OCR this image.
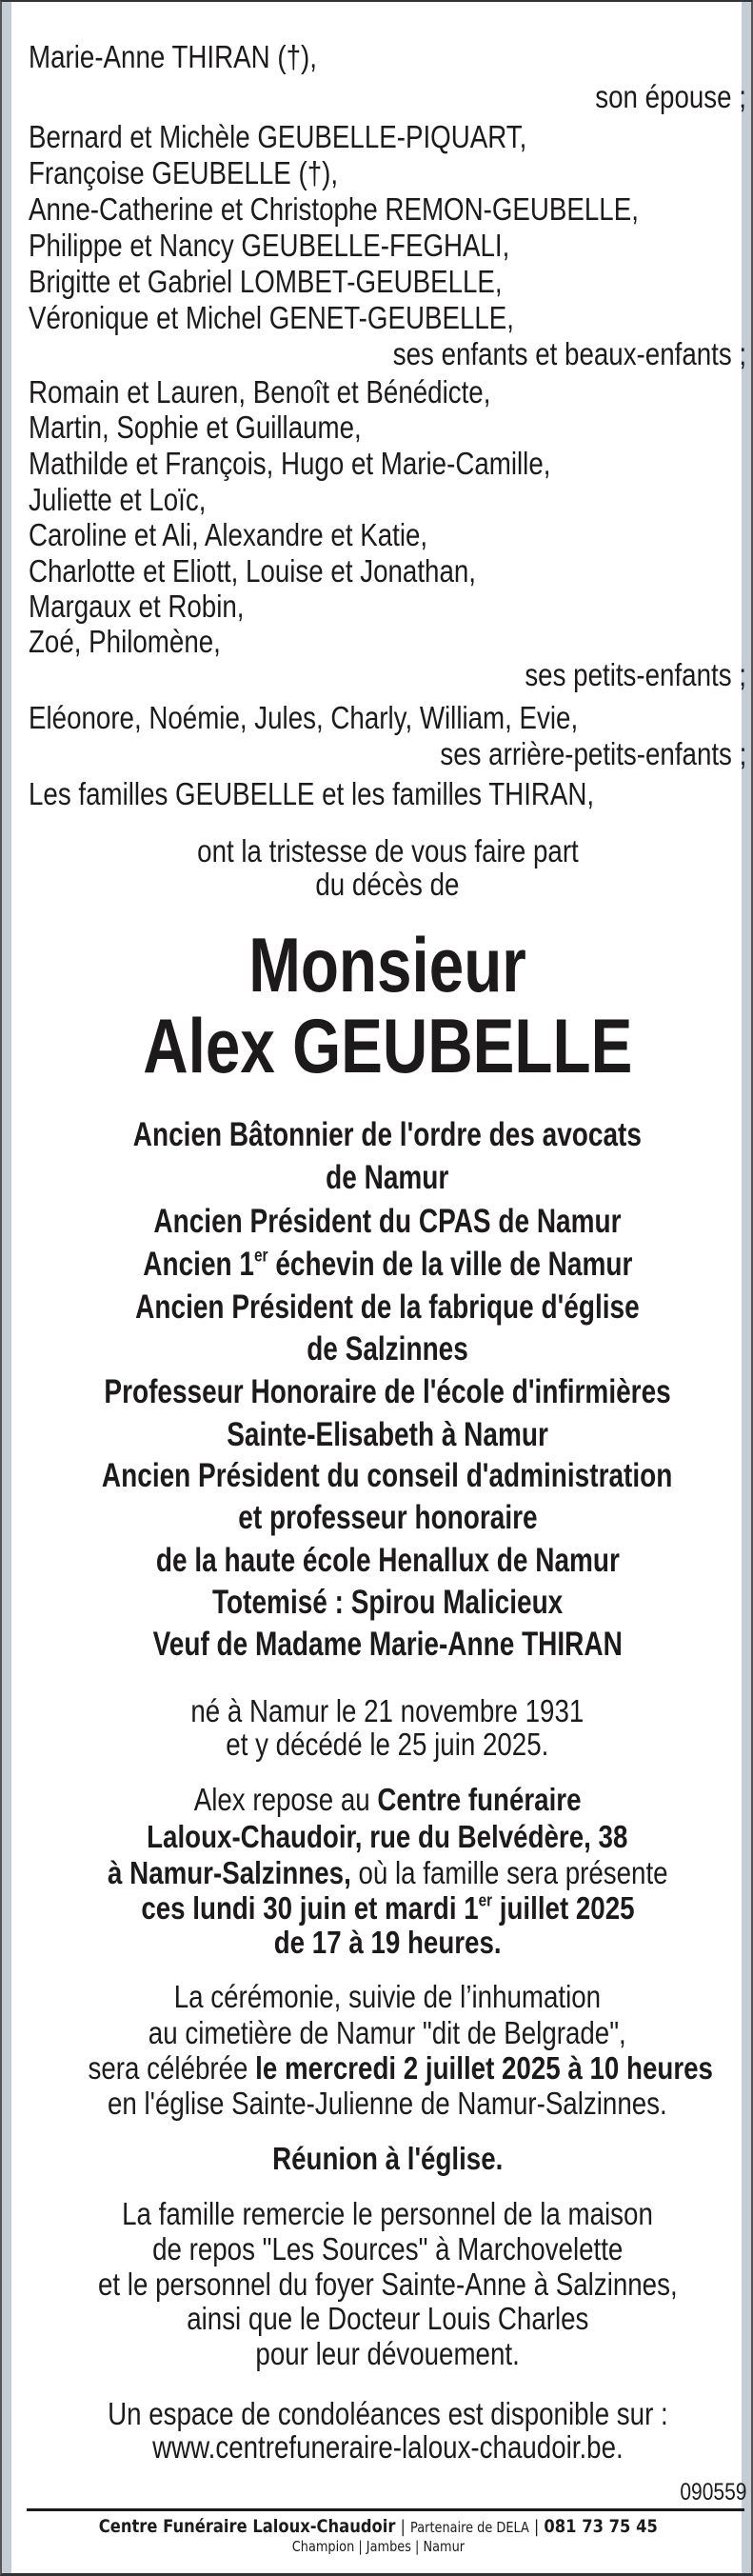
Marie-Anne THIRAN (†),
son épouse ;
Bernard et Michèle GEUBELLE-PIQUART,
Françoise GEUBELLE (†),
Anne-Catherine et Christophe REMON-GEUBELLE,
Philippe et Nancy GEUBELLE-FEGHALI,
Brigitte et Gabriel LOMBET-GEUBELLE,
Véronique et Michel GENET-GEUBELLE,
ses enfants et beaux-enfants ;
Romain et Lauren, Benoît et Bénédicte,
Martin, Sophie et Guillaume,
Mathilde et François, Hugo et Marie-Camille,
Juliette et Loïc,
Caroline et Ali, Alexandre et Katie,
Charlotte et Eliott, Louise et Jonathan,
Margaux et Robin,
Zoé, Philomène,
ses petits-enfants ;
Eléonore, Noémie, Jules, Charly, William, Evie,
ses arrière-petits-enfants ;
Les familles GEUBELLE et les familles THIRAN,
ont la tristesse de vous faire part
du décès de
Monsieur
Alex GEUBELLE
Ancien Bâtonnier de l'ordre des avocats
de Namur
Ancien Président du CPAS de Namur
Ancien 1er échevin de la ville de Namur
Ancien Président de la fabrique d'église
de Salzinnes
Professeur Honoraire de l'école d'infirmières
Sainte-Elisabeth à Namur
Ancien Président du conseil d'administration
et professeur honoraire
de la haute école Henallux de Namur
Totemisé : Spirou Malicieux
Veuf de Madame Marie-Anne THIRAN
né à Namur le 21 novembre 1931
et y décédé le 25 juin 2025.
Alex repose au Centre funéraire
Laloux-Chaudoir, rue du Belvédère, 38
à Namur-Salzinnes, où la famille sera présente
ces lundi 30 juin et mardi 1er juillet 2025
de 17 à 19 heures.
La cérémonie, suivie de l’inhumation
au cimetière de Namur "dit de Belgrade",
sera célébrée le mercredi 2 juillet 2025 à 10 heures
en l'église Sainte-Julienne de Namur-Salzinnes.
Réunion à l'église.
La famille remercie le personnel de la maison
de repos "Les Sources" à Marchovelette
et le personnel du foyer Sainte-Anne à Salzinnes,
ainsi que le Docteur Louis Charles
pour leur dévouement.
Un espace de condoléances est disponible sur :
www.centrefuneraire-laloux-chaudoir.be.
090559
Centre Funéraire Laloux-Chaudoir | Partenaire de DELA | 081 73 75 45
Champion | Jambes | Namur
